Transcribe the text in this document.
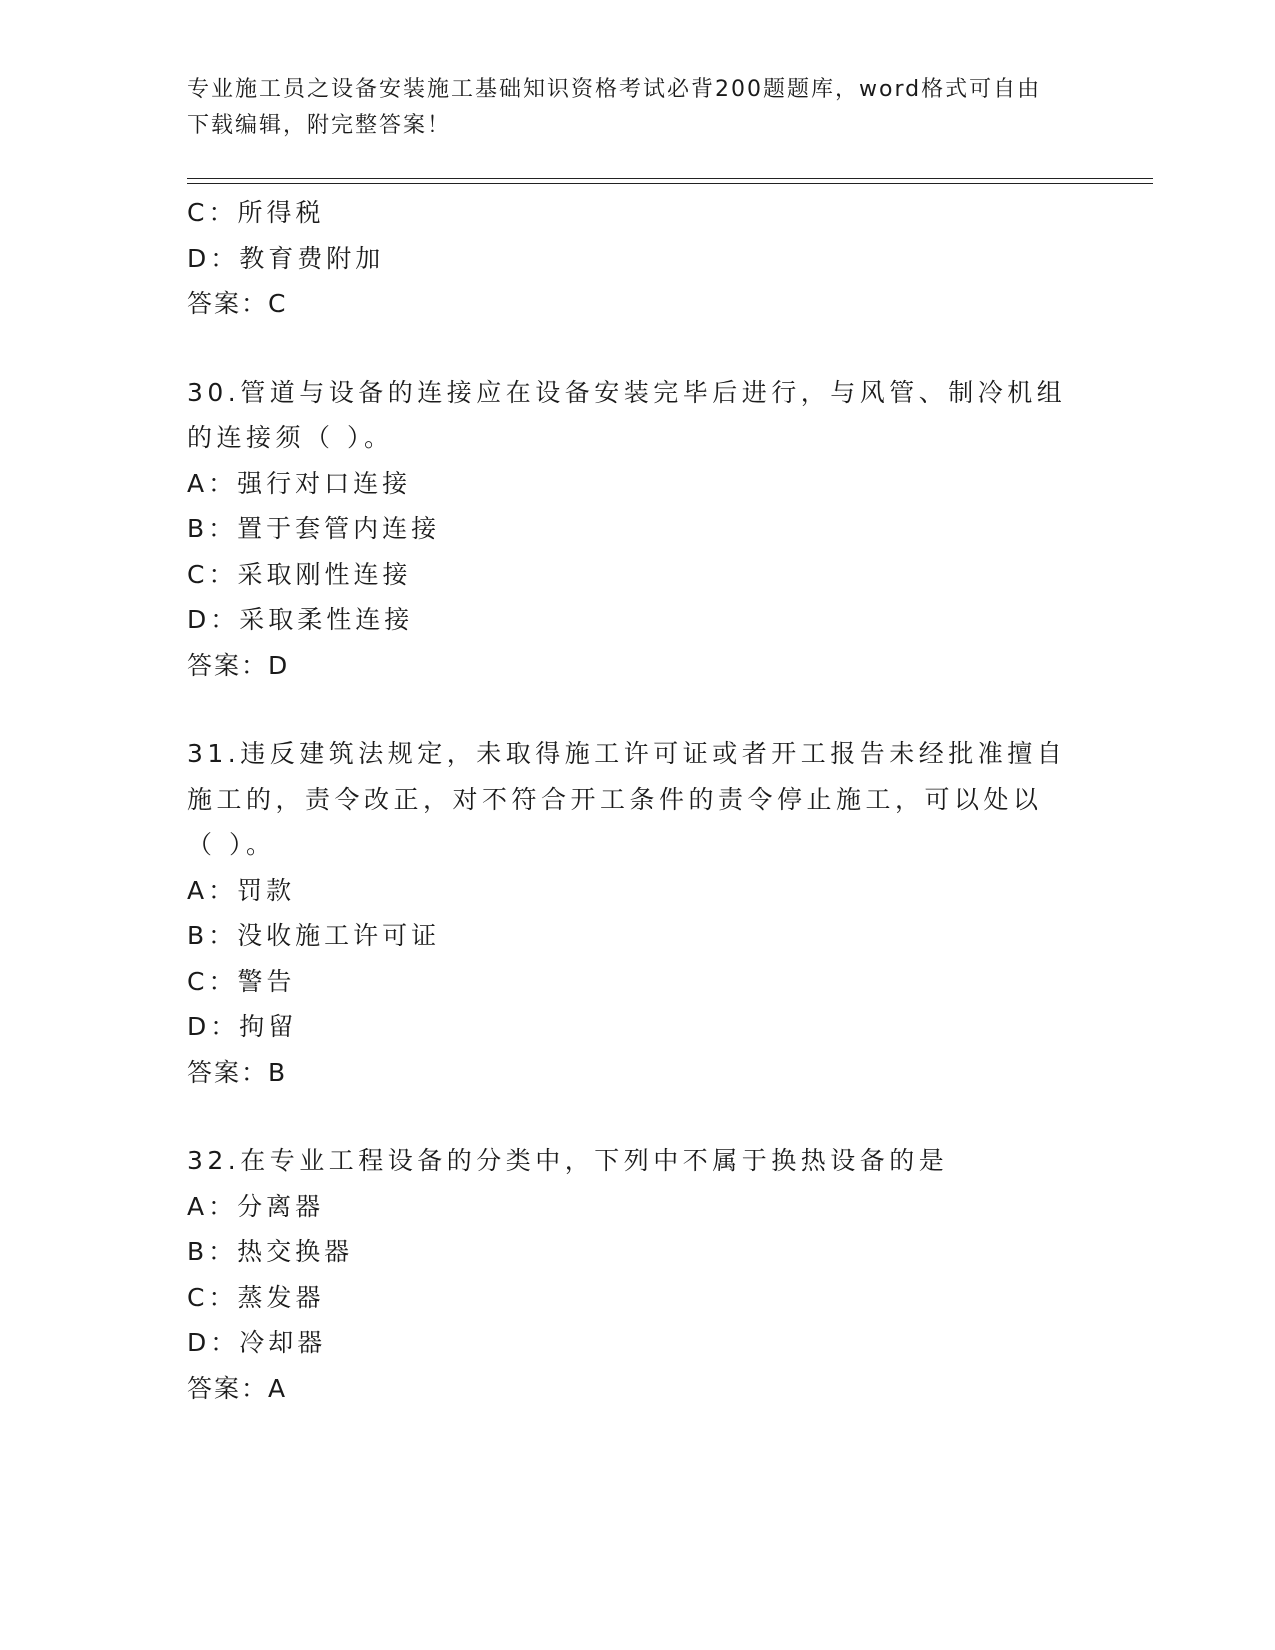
专业施工员之设备安装施工基础知识资格考试必背200题题库，word格式可自由
下载编辑，附完整答案！
C：所得税
D：教育费附加
答案：C
30.管道与设备的连接应在设备安装完毕后进行，与风管、制冷机组的连接须（ ）。
A：强行对口连接
B：置于套管内连接
C：采取刚性连接
D：采取柔性连接
答案：D
31.违反建筑法规定，未取得施工许可证或者开工报告未经批准擅自施工的，责令改正，对不符合开工条件的责令停止施工，可以处以（ ）。
A：罚款
B：没收施工许可证
C：警告
D：拘留
答案：B
32.在专业工程设备的分类中，下列中不属于换热设备的是
A：分离器
B：热交换器
C：蒸发器
D：冷却器
答案：A
